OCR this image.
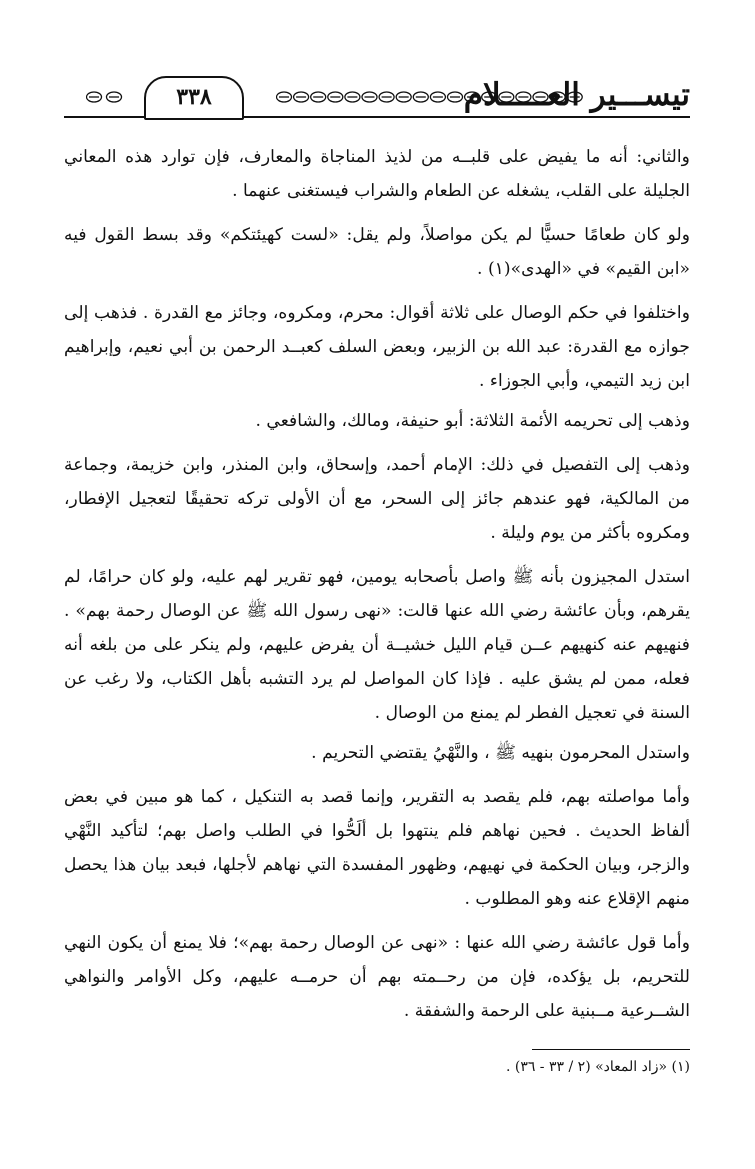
تيســـير العـــــلام
٣٣٨

والثاني: أنه ما يفيض على قلبــه من لذيذ المناجاة والمعارف، فإن توارد هذه المعاني الجليلة على القلب، يشغله عن الطعام والشراب فيستغنى عنهما .

ولو كان طعامًا حسيًّا لم يكن مواصلاً، ولم يقل: «لست كهيئتكم» وقد بسط القول فيه «ابن القيم» في «الهدى»(١) .

واختلفوا في حكم الوصال على ثلاثة أقوال: محرم، ومكروه، وجائز مع القدرة . فذهب إلى جوازه مع القدرة: عبد الله بن الزبير، وبعض السلف كعبــد الرحمن بن أبي نعيم، وإبراهيم ابن زيد التيمي، وأبي الجوزاء .

وذهب إلى تحريمه الأئمة الثلاثة: أبو حنيفة، ومالك، والشافعي .

وذهب إلى التفصيل في ذلك: الإمام أحمد، وإسحاق، وابن المنذر، وابن خزيمة، وجماعة من المالكية، فهو عندهم جائز إلى السحر، مع أن الأولى تركه تحقيقًا لتعجيل الإفطار، ومكروه بأكثر من يوم وليلة .

استدل المجيزون بأنه ﷺ واصل بأصحابه يومين، فهو تقرير لهم عليه، ولو كان حرامًا، لم يقرهم، وبأن عائشة رضي الله عنها قالت: «نهى رسول الله ﷺ عن الوصال رحمة بهم» . فنهيهم عنه كنهيهم عــن قيام الليل خشيــة أن يفرض عليهم، ولم ينكر على من بلغه أنه فعله، ممن لم يشق عليه . فإذا كان المواصل لم يرد التشبه بأهل الكتاب، ولا رغب عن السنة في تعجيل الفطر لم يمنع من الوصال .

واستدل المحرمون بنهيه ﷺ ، والنَّهْيُ يقتضي التحريم .

وأما مواصلته بهم، فلم يقصد به التقرير، وإنما قصد به التنكيل ، كما هو مبين في بعض ألفاظ الحديث . فحين نهاهم فلم ينتهوا بل ألَحُّوا في الطلب واصل بهم؛ لتأكيد النَّهْي والزجر، وبيان الحكمة في نهيهم، وظهور المفسدة التي نهاهم لأجلها، فبعد بيان هذا يحصل منهم الإقلاع عنه وهو المطلوب .

وأما قول عائشة رضي الله عنها : «نهى عن الوصال رحمة بهم»؛ فلا يمنع أن يكون النهي للتحريم، بل يؤكده، فإن من رحــمته بهم أن حرمــه عليهم، وكل الأوامر والنواهي الشــرعية مــبنية على الرحمة والشفقة .

(١) «زاد المعاد» (٢ / ٣٣ - ٣٦) .
